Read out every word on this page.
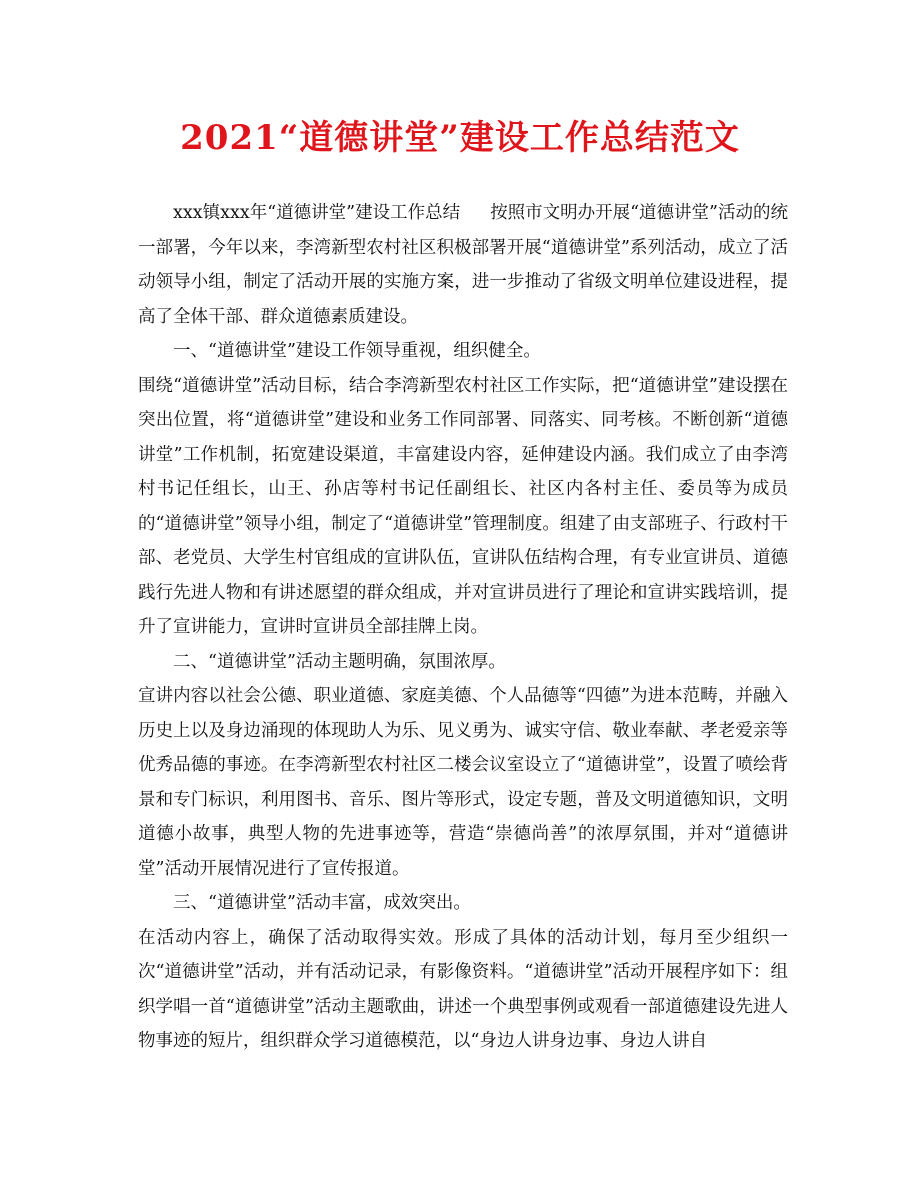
2021“道德讲堂”建设工作总结范文

xxx镇xxx年“道德讲堂”建设工作总结 按照市文明办开展“道德讲堂”活动的统一部署，今年以来，李湾新型农村社区积极部署开展“道德讲堂”系列活动，成立了活动领导小组，制定了活动开展的实施方案，进一步推动了省级文明单位建设进程，提高了全体干部、群众道德素质建设。

一、“道德讲堂”建设工作领导重视，组织健全。

围绕“道德讲堂”活动目标，结合李湾新型农村社区工作实际，把“道德讲堂”建设摆在突出位置，将“道德讲堂”建设和业务工作同部署、同落实、同考核。不断创新“道德讲堂”工作机制，拓宽建设渠道，丰富建设内容，延伸建设内涵。我们成立了由李湾村书记任组长，山王、孙店等村书记任副组长、社区内各村主任、委员等为成员的“道德讲堂”领导小组，制定了“道德讲堂”管理制度。组建了由支部班子、行政村干部、老党员、大学生村官组成的宣讲队伍，宣讲队伍结构合理，有专业宣讲员、道德践行先进人物和有讲述愿望的群众组成，并对宣讲员进行了理论和宣讲实践培训，提升了宣讲能力，宣讲时宣讲员全部挂牌上岗。

二、“道德讲堂”活动主题明确，氛围浓厚。

宣讲内容以社会公德、职业道德、家庭美德、个人品德等“四德”为进本范畴，并融入历史上以及身边涌现的体现助人为乐、见义勇为、诚实守信、敬业奉献、孝老爱亲等优秀品德的事迹。在李湾新型农村社区二楼会议室设立了“道德讲堂”，设置了喷绘背景和专门标识，利用图书、音乐、图片等形式，设定专题，普及文明道德知识，文明道德小故事，典型人物的先进事迹等，营造“崇德尚善”的浓厚氛围，并对“道德讲堂”活动开展情况进行了宣传报道。

三、“道德讲堂”活动丰富，成效突出。

在活动内容上，确保了活动取得实效。形成了具体的活动计划，每月至少组织一次“道德讲堂”活动，并有活动记录，有影像资料。“道德讲堂”活动开展程序如下：组织学唱一首“道德讲堂”活动主题歌曲，讲述一个典型事例或观看一部道德建设先进人物事迹的短片，组织群众学习道德模范，以“身边人讲身边事、身边人讲自
